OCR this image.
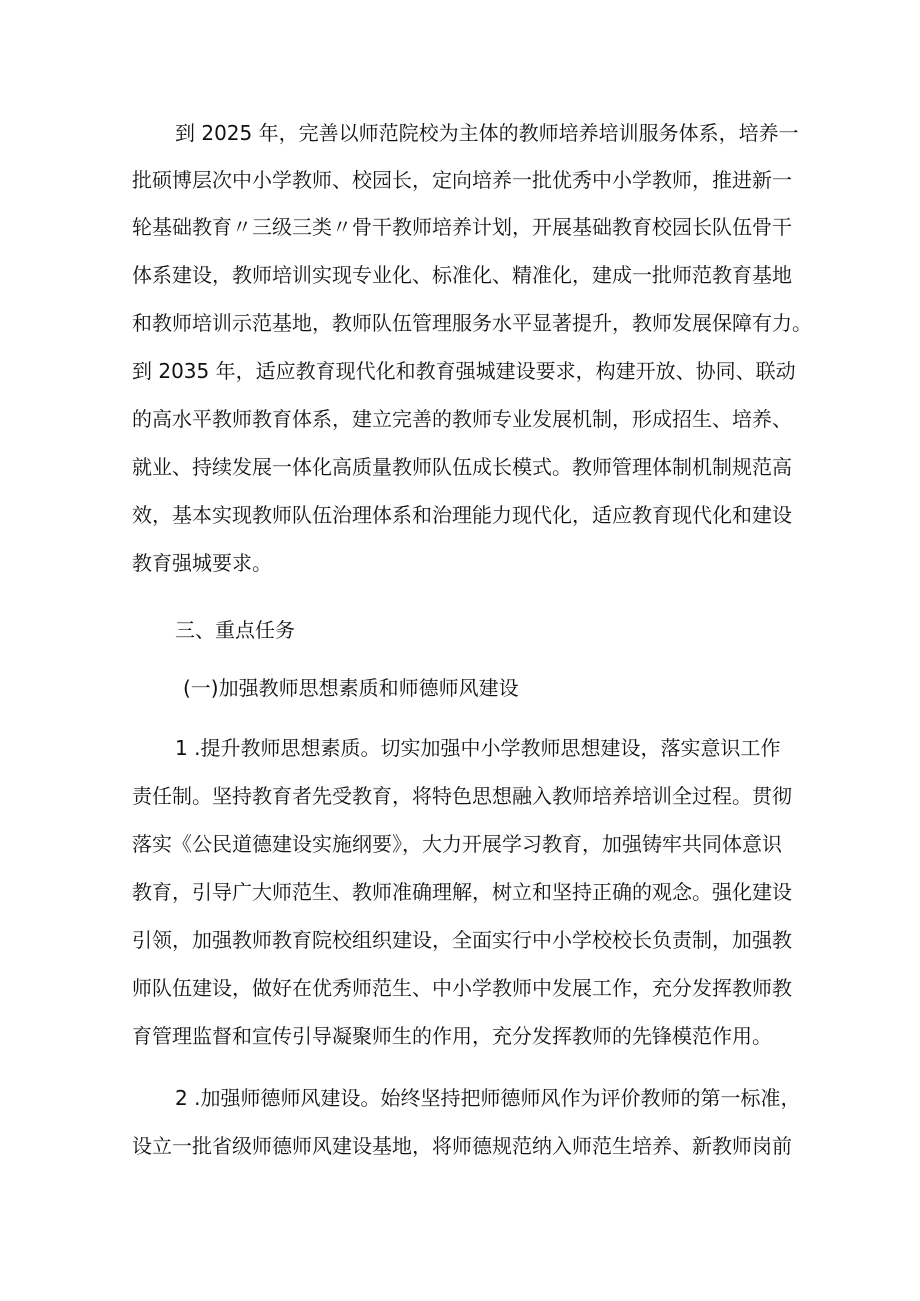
到 2025 年，完善以师范院校为主体的教师培养培训服务体系，培养一
批硕博层次中小学教师、校园长，定向培养一批优秀中小学教师，推进新一
轮基础教育〃三级三类〃骨干教师培养计划，开展基础教育校园长队伍骨干
体系建设，教师培训实现专业化、标准化、精准化，建成一批师范教育基地
和教师培训示范基地，教师队伍管理服务水平显著提升，教师发展保障有力。
到 2035 年，适应教育现代化和教育强城建设要求，构建开放、协同、联动
的高水平教师教育体系，建立完善的教师专业发展机制，形成招生、培养、
就业、持续发展一体化高质量教师队伍成长模式。教师管理体制机制规范高
效，基本实现教师队伍治理体系和治理能力现代化，适应教育现代化和建设
教育强城要求。
三、重点任务
(一)加强教师思想素质和师德师风建设
1 .提升教师思想素质。切实加强中小学教师思想建设，落实意识工作
责任制。坚持教育者先受教育，将特色思想融入教师培养培训全过程。贯彻
落实《公民道德建设实施纲要》，大力开展学习教育，加强铸牢共同体意识
教育，引导广大师范生、教师准确理解，树立和坚持正确的观念。强化建设
引领，加强教师教育院校组织建设，全面实行中小学校校长负责制，加强教
师队伍建设，做好在优秀师范生、中小学教师中发展工作，充分发挥教师教
育管理监督和宣传引导凝聚师生的作用，充分发挥教师的先锋模范作用。
2 .加强师德师风建设。始终坚持把师德师风作为评价教师的第一标准，
设立一批省级师德师风建设基地，将师德规范纳入师范生培养、新教师岗前
